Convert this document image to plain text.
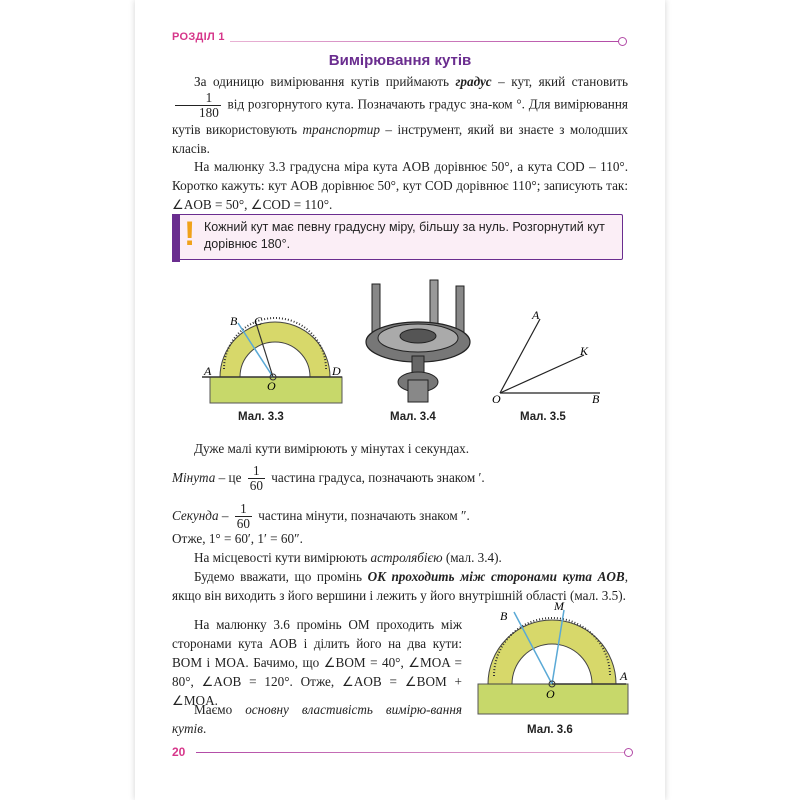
РОЗДІЛ 1
Вимірювання кутів
За одиницю вимірювання кутів приймають градус – кут, який становить
$\frac{1}{180}$ від розгорнутого кута. Позначають градус зна-ком °. Для вимірювання кутів використовують транспортир – інструмент, який ви знаєте з молодших класів.
На малюнку 3.3 градусна міра кута AOB дорівнює 50°, а кута COD – 110°. Коротко кажуть: кут AOB дорівнює 50°, кут COD дорівнює 110°; записують так: ∠AOB = 50°, ∠COD = 110°.
! Кожний кут має певну градусну міру, більшу за нуль. Розгорнутий кут дорівнює 180°.
B C
A
O
D
Мал. 3.3	Мал. 3.4
A
K
O	B
Мал. 3.5
Дуже малі кути вимірюють у мінутах і секундах.
Мінута – це $\frac{1}{60}$ частина градуса, позначають знаком ′.
Секунда – $\frac{1}{60}$ частина мінути, позначають знаком ″.
Отже, 1° = 60′, 1′ = 60″.
На місцевості кути вимірюють астролябією (мал. 3.4).
Будемо вважати, що промінь OK проходить між сторонами кута AOB, якщо він виходить з його вершини і лежить у його внутрішній області (мал. 3.5).
На малюнку 3.6 промінь OM проходить між сторонами кута AOB і ділить його на два кути: BOM і MOA. Бачимо, що ∠BOM = 40°, ∠MOA = 80°, ∠AOB = 120°. Отже, ∠AOB = ∠BOM + ∠MOA.
Маємо основну властивість вимірю-вання кутів.
B
M
O
A
Мал. 3.6
20
